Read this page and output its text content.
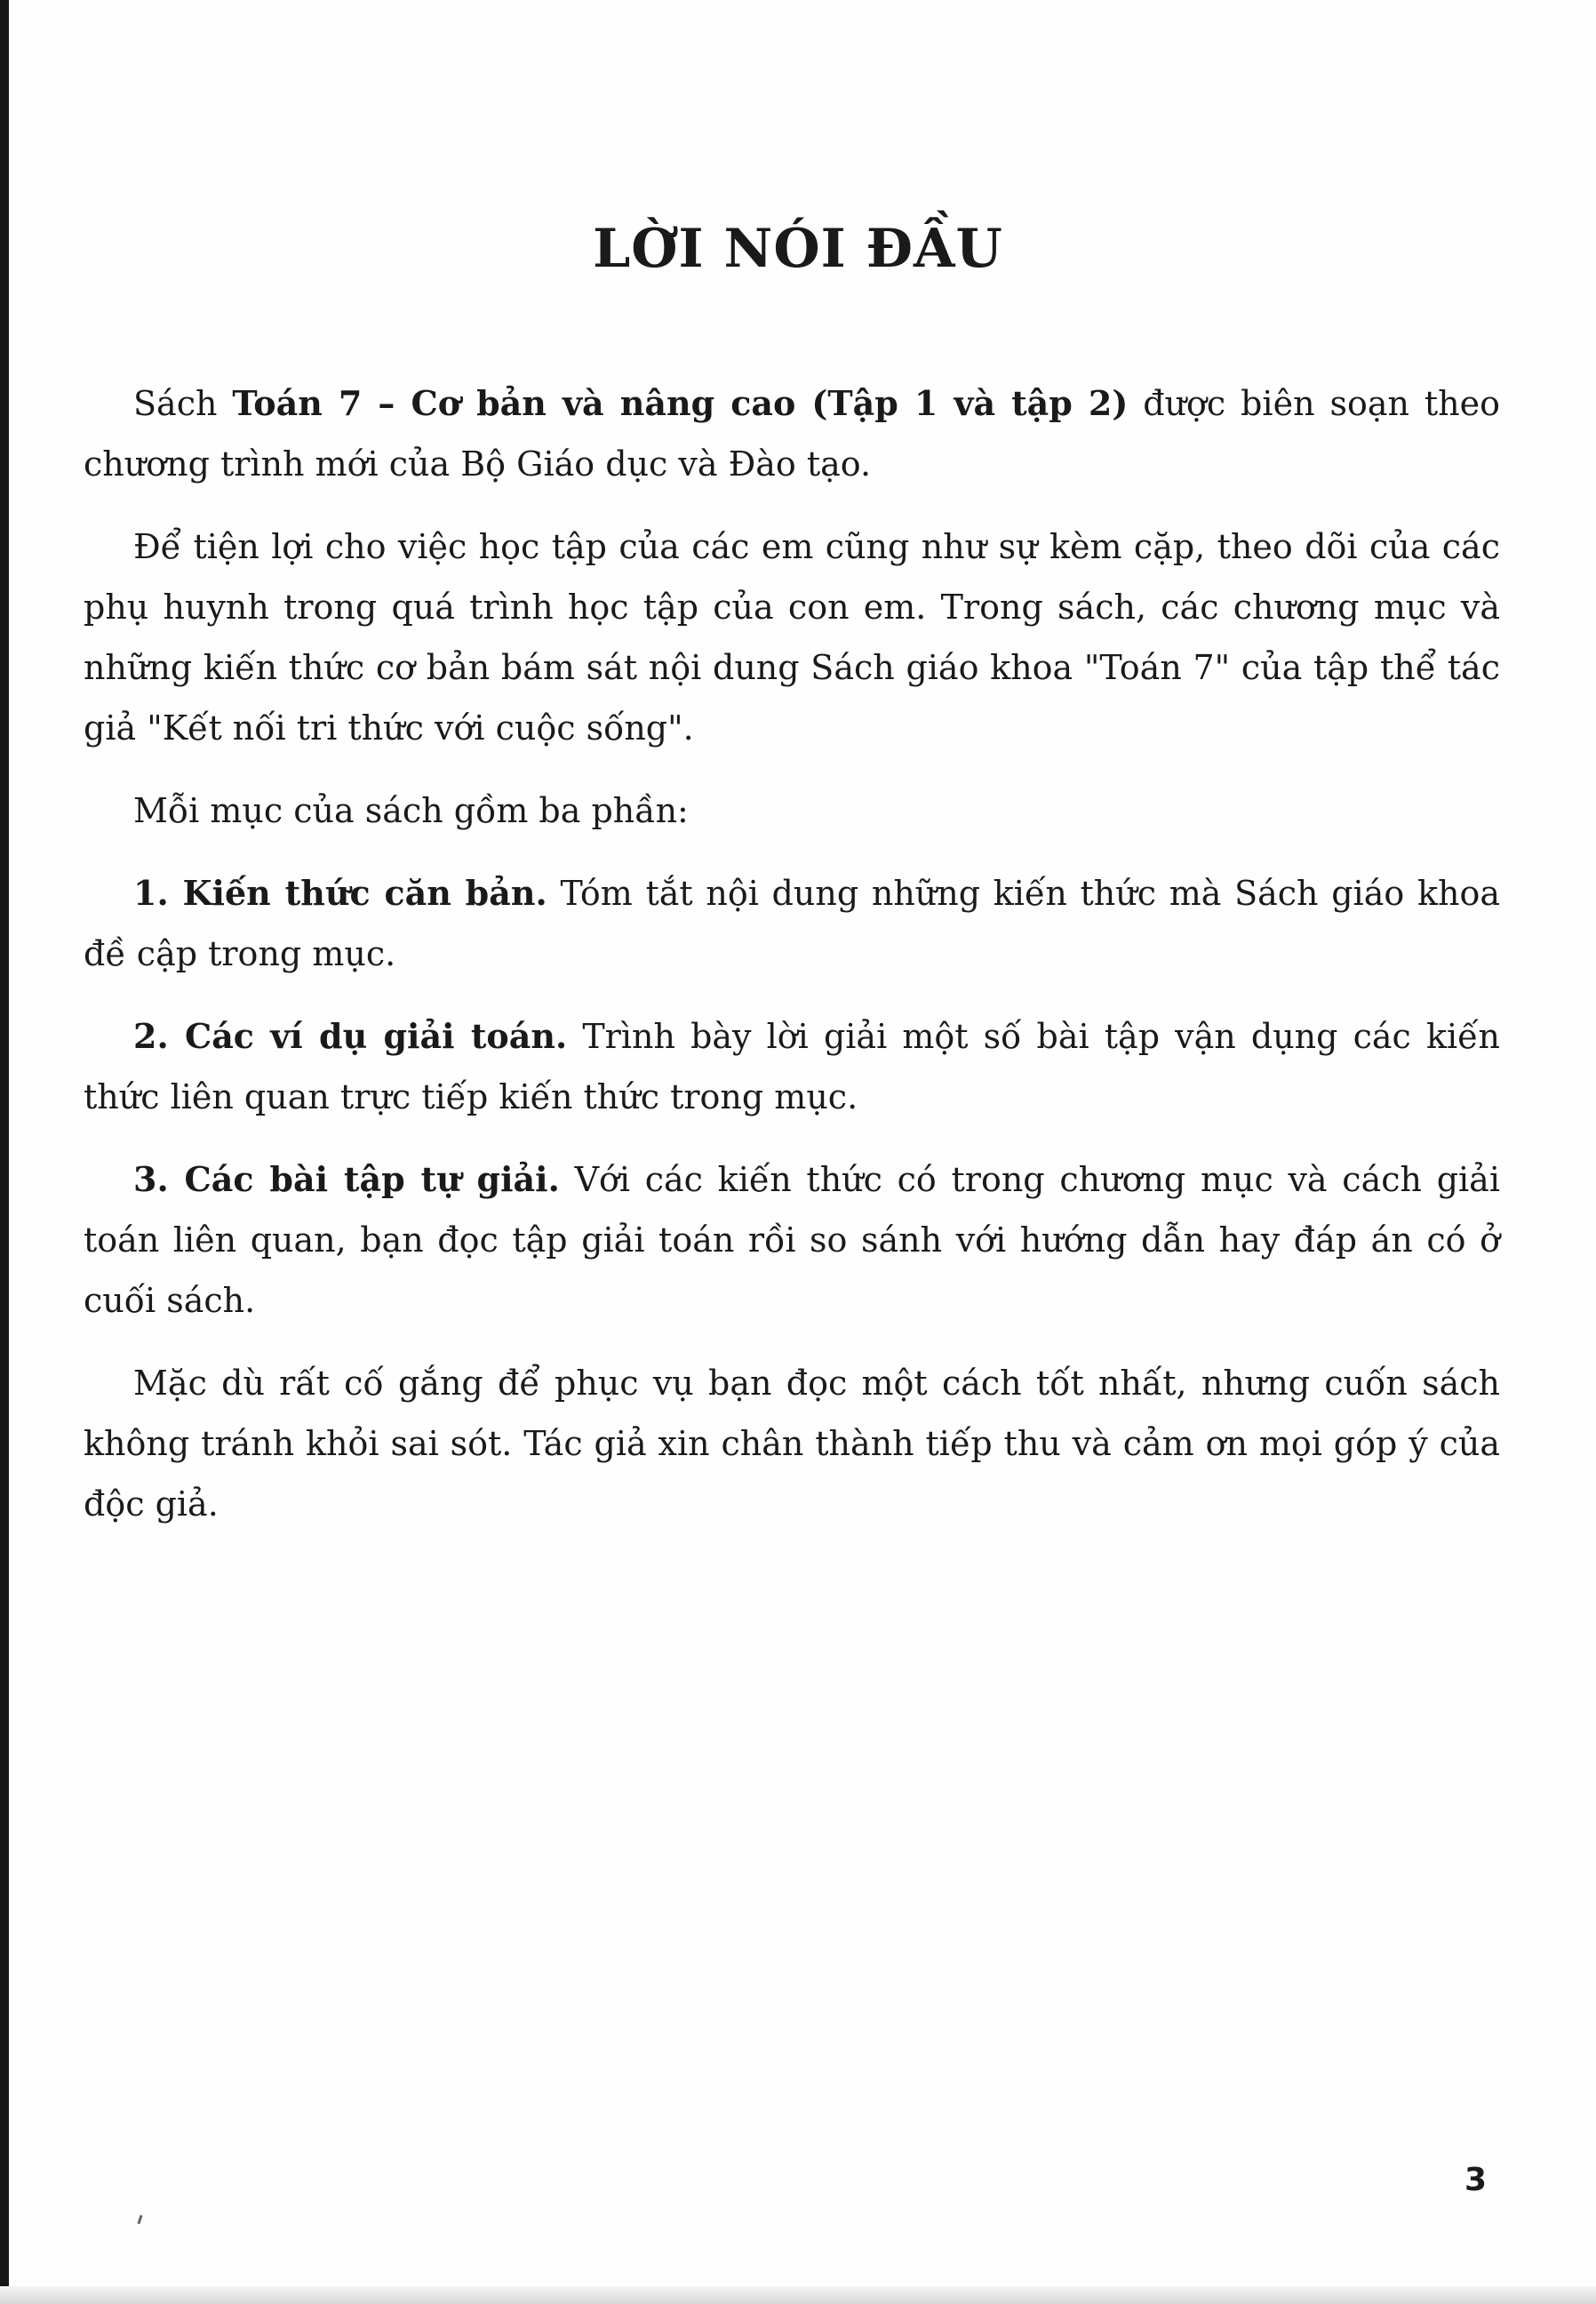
LỜI NÓI ĐẦU

Sách Toán 7 – Cơ bản và nâng cao (Tập 1 và tập 2) được biên soạn theo chương trình mới của Bộ Giáo dục và Đào tạo.

Để tiện lợi cho việc học tập của các em cũng như sự kèm cặp, theo dõi của các phụ huynh trong quá trình học tập của con em. Trong sách, các chương mục và những kiến thức cơ bản bám sát nội dung Sách giáo khoa "Toán 7" của tập thể tác giả "Kết nối tri thức với cuộc sống".

Mỗi mục của sách gồm ba phần:

1. Kiến thức căn bản. Tóm tắt nội dung những kiến thức mà Sách giáo khoa đề cập trong mục.

2. Các ví dụ giải toán. Trình bày lời giải một số bài tập vận dụng các kiến thức liên quan trực tiếp kiến thức trong mục.

3. Các bài tập tự giải. Với các kiến thức có trong chương mục và cách giải toán liên quan, bạn đọc tập giải toán rồi so sánh với hướng dẫn hay đáp án có ở cuối sách.

Mặc dù rất cố gắng để phục vụ bạn đọc một cách tốt nhất, nhưng cuốn sách không tránh khỏi sai sót. Tác giả xin chân thành tiếp thu và cảm ơn mọi góp ý của độc giả.

3
